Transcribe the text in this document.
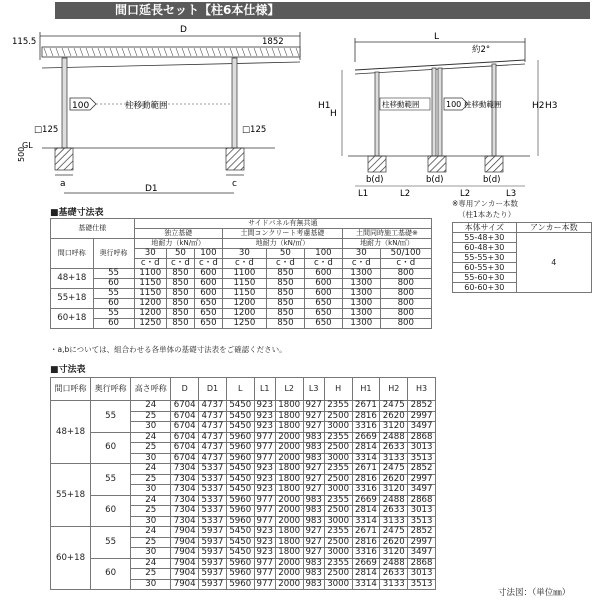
間口延長セット【柱6本仕様】
D
115.5	1852
100	柱移動範囲
□125	□125
GL
500
a	c
D1
L
約2°
H1
H
H2 H3
柱移動範囲	100 柱移動範囲
b(d)	b(d)	b(d)
L1	L2	L2	L3
■基礎寸法表
基礎仕様		サイドパネル有無共通							
		独立基礎			土間コンクリート考慮基礎			土間同時施工基礎※	
間口呼称	奥行呼称	地耐力（kN/㎡）			地耐力（kN/㎡）			地耐力（kN/㎡）	
		30	50	100	30	50	100	30	50/100
		c・d	c・d	c・d	c・d	c・d	c・d	c・d	c・d
48+18	55	1100	850	600	1100	850	600	1300	800
	60	1150	850	600	1150	850	600	1300	800
55+18	55	1150	850	600	1150	850	600	1300	800
	60	1200	850	650	1200	850	650	1300	800
60+18	55	1200	850	650	1200	850	650	1300	800
	60	1250	850	650	1250	850	650	1300	800
・a,bについては、組合わせる各単体の基礎寸法表をご確認ください。
※専用アンカー本数
（柱1本あたり）
本体サイズ	アンカー本数
55-48+30	4
60-48+30	
55-55+30	
60-55+30	
55-60+30	
60-60+30	
■寸法表
間口呼称	奥行呼称	高さ呼称	D	D1	L	L1	L2	L3	H	H1	H2	H3
48+18	55	24	6704	4737	5450	923	1800	927	2355	2671	2475	2852
		25	6704	4737	5450	923	1800	927	2500	2816	2620	2997
		30	6704	4737	5450	923	1800	927	3000	3316	3120	3497
	60	24	6704	4737	5960	977	2000	983	2355	2669	2488	2868
		25	6704	4737	5960	977	2000	983	2500	2814	2633	3013
		30	6704	4737	5960	977	2000	983	3000	3314	3133	3513
55+18	55	24	7304	5337	5450	923	1800	927	2355	2671	2475	2852
		25	7304	5337	5450	923	1800	927	2500	2816	2620	2997
		30	7304	5337	5450	923	1800	927	3000	3316	3120	3497
	60	24	7304	5337	5960	977	2000	983	2355	2669	2488	2868
		25	7304	5337	5960	977	2000	983	2500	2814	2633	3013
		30	7304	5337	5960	977	2000	983	3000	3314	3133	3513
60+18	55	24	7904	5937	5450	923	1800	927	2355	2671	2475	2852
		25	7904	5937	5450	923	1800	927	2500	2816	2620	2997
		30	7904	5937	5450	923	1800	927	3000	3316	3120	3497
	60	24	7904	5937	5960	977	2000	983	2355	2669	2488	2868
		25	7904	5937	5960	977	2000	983	2500	2814	2633	3013
		30	7904	5937	5960	977	2000	983	3000	3314	3133	3513
寸法図：（単位㎜）
